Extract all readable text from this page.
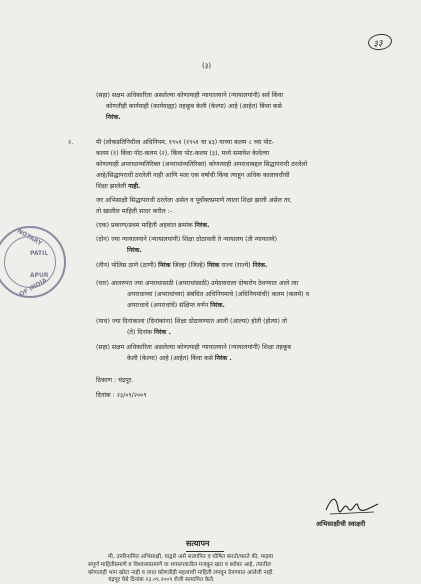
३३
(३)
(सहा) सक्षम अधिकारिता असलेल्या कोणत्याही न्यायालयाने (न्यायालयांनी) सर्व किंवा
कोणतीही कार्यवाही (कार्यवाह्या) तहकूब केली (केल्या) आहे (आहेत) किंवा कसे
निरंक.
२.	मी (लोकप्रतिनिधीत्व अधिनियम, १९५१ (१९५१ चा ४३) याच्या कलम ८ च्या पोट-
कलम (१) किंवा पोट-कलम (२), किंवा पोट-कलम (३), मध्ये समावेश केलेल्या
कोणत्याही अपराधाव्यतिरिक्त (अपराधांव्यतिरिक्त) कोणत्याही अपराधाबद्दल सिद्धापराधी ठरलेलो
आहे/सिद्धापराधी ठरलेली नाही आणि मला एक वर्षाची किंवा त्याहून अधिक कालावधीची
शिक्षा झालेली नाही.
जर अभिसाक्षी सिद्धापराधी ठरलेला असेल व पूर्वोक्तप्रमाणे त्याला शिक्षा झाली असेल तर,
तो खालील माहिती सादर करील :-
(एक) प्रकरण/प्रथम माहिती अहवाल क्रमांक निरंक.
(दोन) ज्या न्यायालयाने (न्यायालयांनी) शिक्षा ठोठावली ते न्यायालय (ती न्यायालये)
निरंक.
(तीन) पोलिस ठाणे (ठाणी) निरंक जिल्हा (जिल्हे) निरंक राज्य (राज्ये) निरंक.
(चार) आलरुपत ज्या अपराधासाठी (अपराधांसाठी) उमेदवाराला दोषारोप ठेवण्यात आले त्या
अपराधाच्या (अपराधांच्या) संबंधित अधिनियमाचे (अधिनियमांची) कलम (कलमे) व
अपराधाचे (अपराधांचे) संक्षिप्त वर्णन निरंक.
(पाच) ज्या दिनांकाला (दिनांकांना) शिक्षा ठोठावण्यात आली (आल्या) होती (होत्या) तो
(ते) दिनांक निरंक .
(सहा) सक्षम अधिकारिता असलेल्या कोणत्याही न्यायालयाने (न्यायालयांनी) शिक्षा तहकूब
केली (केल्या) आहे (आहेत) किंवा कसे निरंक .
NOTARY
PATIL
APUR
OF INDIA
ठिकाण : चंद्रपूर.
दिनांक : २३/०९/२००९
अभिसाक्षीची स्वाक्षरी
सत्यापन
मी, उपरिनामित अभिसाक्षी, याद्वारे असे सत्यापित व घोषित करतो/करते की, माझ्या
संपूर्ण माहितीप्रमाणे व विश्वासाप्रमाणे या शपथपत्रातील मजकूर खरा व बरोबर आहे, त्यातील
कोणताही भाग खोटा नाही व त्यात कोणतीही महत्वाची माहिती लपवून ठेवण्यात आलेली नाही.
चंद्रपूर येथे दिनांक २३.०९.२००९ रोजी सत्यापित केले.
